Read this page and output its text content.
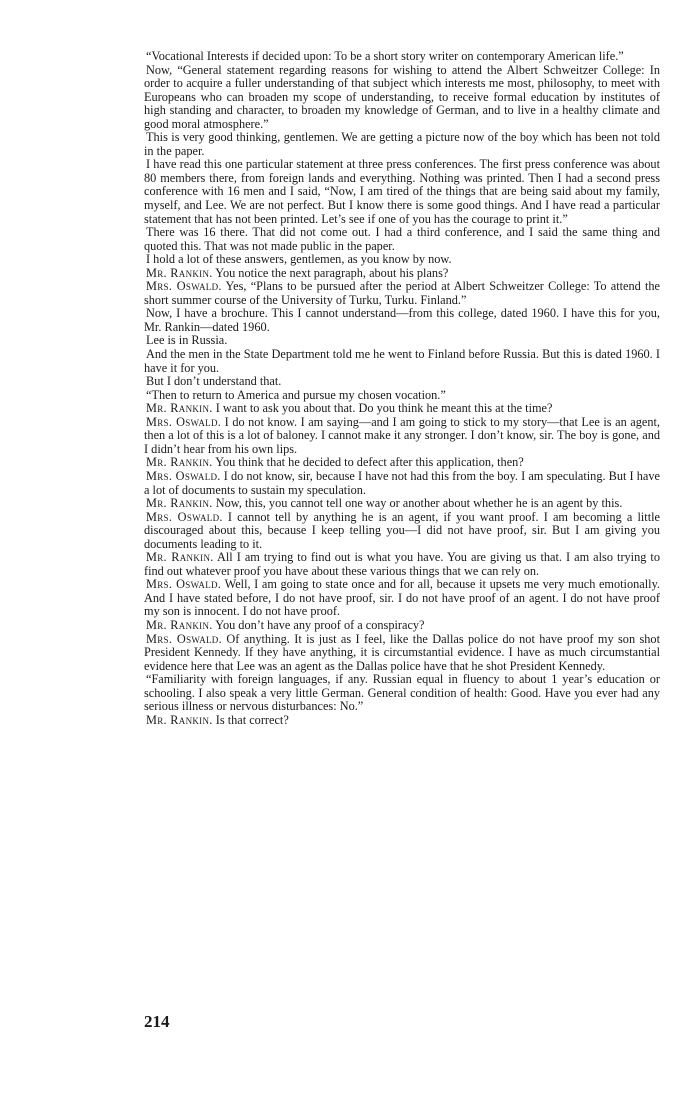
“Vocational Interests if decided upon: To be a short story writer on contemporary American life.”

Now, “General statement regarding reasons for wishing to attend the Albert Schweitzer College: In order to acquire a fuller understanding of that subject which interests me most, philosophy, to meet with Europeans who can broaden my scope of understanding, to receive formal education by institutes of high standing and character, to broaden my knowledge of German, and to live in a healthy climate and good moral atmosphere.”

This is very good thinking, gentlemen. We are getting a picture now of the boy which has been not told in the paper.

I have read this one particular statement at three press conferences. The first press conference was about 80 members there, from foreign lands and everything. Nothing was printed. Then I had a second press conference with 16 men and I said, “Now, I am tired of the things that are being said about my family, myself, and Lee. We are not perfect. But I know there is some good things. And I have read a particular statement that has not been printed. Let’s see if one of you has the courage to print it.”

There was 16 there. That did not come out. I had a third conference, and I said the same thing and quoted this. That was not made public in the paper.

I hold a lot of these answers, gentlemen, as you know by now.

Mr. Rankin. You notice the next paragraph, about his plans?

Mrs. Oswald. Yes, “Plans to be pursued after the period at Albert Schweitzer College: To attend the short summer course of the University of Turku, Turku. Finland.”

Now, I have a brochure. This I cannot understand—from this college, dated 1960. I have this for you, Mr. Rankin—dated 1960.

Lee is in Russia.

And the men in the State Department told me he went to Finland before Russia. But this is dated 1960. I have it for you.

But I don’t understand that.

“Then to return to America and pursue my chosen vocation.”

Mr. Rankin. I want to ask you about that. Do you think he meant this at the time?

Mrs. Oswald. I do not know. I am saying—and I am going to stick to my story—that Lee is an agent, then a lot of this is a lot of baloney. I cannot make it any stronger. I don’t know, sir. The boy is gone, and I didn’t hear from his own lips.

Mr. Rankin. You think that he decided to defect after this application, then?

Mrs. Oswald. I do not know, sir, because I have not had this from the boy. I am speculating. But I have a lot of documents to sustain my speculation.

Mr. Rankin. Now, this, you cannot tell one way or another about whether he is an agent by this.

Mrs. Oswald. I cannot tell by anything he is an agent, if you want proof. I am becoming a little discouraged about this, because I keep telling you—I did not have proof, sir. But I am giving you documents leading to it.

Mr. Rankin. All I am trying to find out is what you have. You are giving us that. I am also trying to find out whatever proof you have about these various things that we can rely on.

Mrs. Oswald. Well, I am going to state once and for all, because it upsets me very much emotionally. And I have stated before, I do not have proof, sir. I do not have proof of an agent. I do not have proof my son is innocent. I do not have proof.

Mr. Rankin. You don’t have any proof of a conspiracy?

Mrs. Oswald. Of anything. It is just as I feel, like the Dallas police do not have proof my son shot President Kennedy. If they have anything, it is circumstantial evidence. I have as much circumstantial evidence here that Lee was an agent as the Dallas police have that he shot President Kennedy.

“Familiarity with foreign languages, if any. Russian equal in fluency to about 1 year’s education or schooling. I also speak a very little German. General condition of health: Good. Have you ever had any serious illness or nervous disturbances: No.”

Mr. Rankin. Is that correct?

214
